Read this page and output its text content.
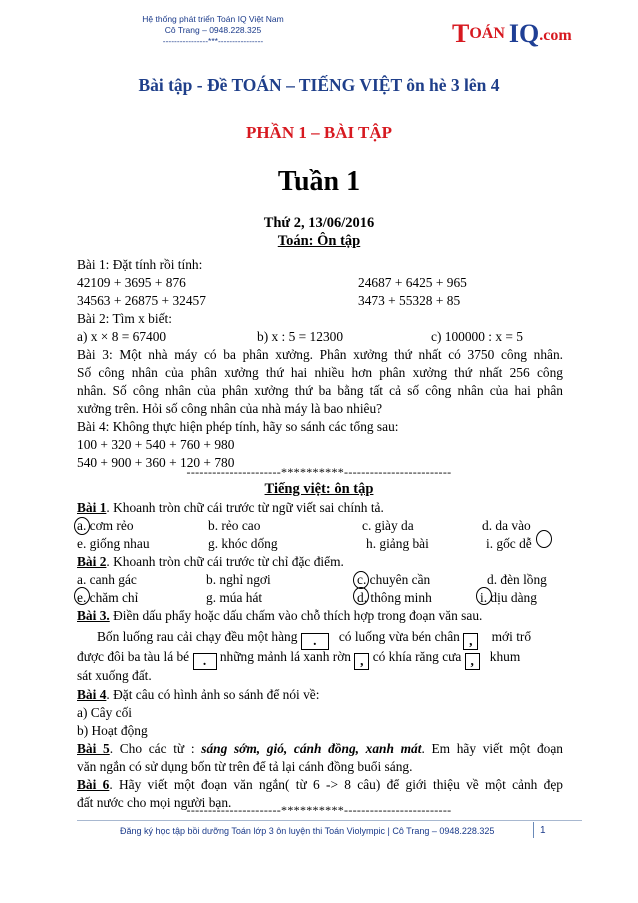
Hệ thống phát triển Toán IQ Việt Nam
Cô Trang – 0948.228.325
----------------***----------------	TOÁN IQ.com
Bài tập - Đề TOÁN – TIẾNG VIỆT ôn hè 3 lên 4
PHẦN 1 – BÀI TẬP
Tuần 1
Thứ 2, 13/06/2016
Toán: Ôn tập
Bài 1: Đặt tính rồi tính:
42109 + 3695 + 876	24687 + 6425 + 965
34563 + 26875 + 32457	3473 + 55328 + 85
Bài 2: Tìm x biết:
a) x × 8 = 67400	b) x : 5 = 12300	c) 100000 : x = 5
Bài 3: Một nhà máy có ba phân xưởng. Phân xưởng thứ nhất có 3750 công nhân.
Số công nhân của phân xưởng thứ hai nhiều hơn phân xưởng thứ nhất 256 công
nhân. Số công nhân của phân xưởng thứ ba bằng tất cả số công nhân của hai phân
xưởng trên. Hỏi số công nhân của nhà máy là bao nhiêu?
Bài 4: Không thực hiện phép tính, hãy so sánh các tổng sau:
100 + 320 + 540 + 760 + 980
540 + 900 + 360 + 120 + 780
----------------------**********-------------------------
Tiếng việt: ôn tập
Bài 1. Khoanh tròn chữ cái trước từ ngữ viết sai chính tả.
a. cơm rẻo	b. rẻo cao	c. giày da	d. da vào
e. giống nhau	g. khóc dống	h. giảng bài	i. gốc dễ
Bài 2. Khoanh tròn chữ cái trước từ chỉ đặc điểm.
a. canh gác	b. nghỉ ngơi	c. chuyên cần	d. đèn lồng
e. chăm chỉ	g. múa hát	d. thông minh	i. dịu dàng
Bài 3. Điền dấu phẩy hoặc dấu chấm vào chỗ thích hợp trong đoạn văn sau.
Bốn luống rau cải chạy đều một hàng . có luống vừa bén chân , mới trổ
được đôi ba tàu lá bé . những mảnh lá xanh rờn , có khía răng cưa , khum
sát xuống đất.
Bài 4. Đặt câu có hình ảnh so sánh để nói về:
a) Cây cối
b) Hoạt động
Bài 5. Cho các từ : sáng sớm, gió, cánh đồng, xanh mát. Em hãy viết một đoạn
văn ngắn có sử dụng bốn từ trên để tả lại cánh đồng buổi sáng.
Bài 6. Hãy viết một đoạn văn ngắn( từ 6 -> 8 câu) để giới thiệu về một cảnh đẹp
đất nước cho mọi người bạn.
----------------------**********-------------------------
Đăng ký học tập bồi dưỡng Toán lớp 3 ôn luyện thi Toán Violympic | Cô Trang – 0948.228.325	1
